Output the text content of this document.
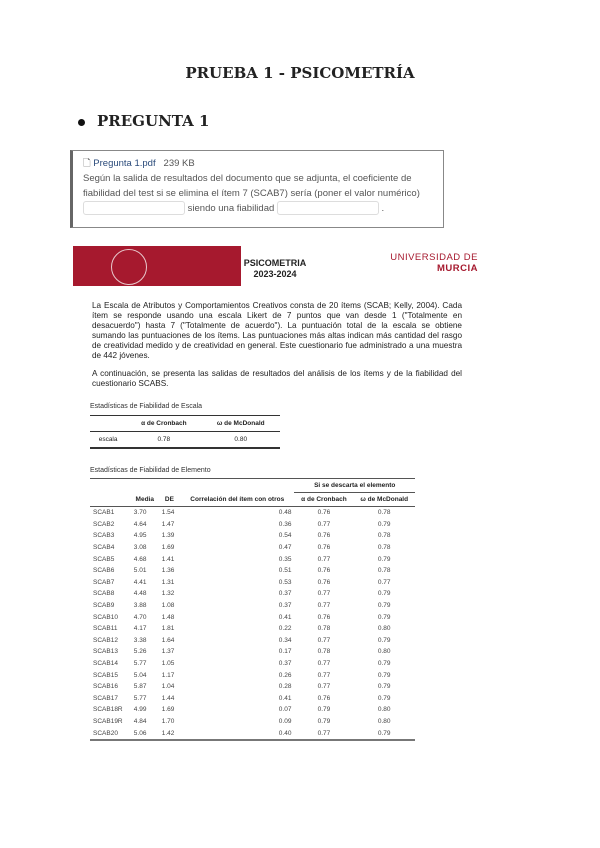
PRUEBA 1 - PSICOMETRÍA
PREGUNTA 1
🗋 Pregunta 1.pdf 239 KB
Según la salida de resultados del documento que se adjunta, el coeficiente de fiabilidad del test si se elimina el ítem 7 (SCAB7) sería (poner el valor numérico)
siendo una fiabilidad	.
PSICOMETRIA
2023-2024
UNIVERSIDAD DE
MURCIA
La Escala de Atributos y Comportamientos Creativos consta de 20 ítems (SCAB; Kelly, 2004). Cada ítem se responde usando una escala Likert de 7 puntos que van desde 1 ("Totalmente en desacuerdo") hasta 7 ("Totalmente de acuerdo"). La puntuación total de la escala se obtiene sumando las puntuaciones de los ítems. Las puntuaciones más altas indican más cantidad del rasgo de creatividad medido y de creatividad en general. Este cuestionario fue administrado a una muestra de 442 jóvenes.
A continuación, se presenta las salidas de resultados del análisis de los ítems y de la fiabilidad del cuestionario SCABS.
Estadísticas de Fiabilidad de Escala
	α de Cronbach	ω de McDonald
escala	0.78	0.80
Estadísticas de Fiabilidad de Elemento
				Si se descarta el elemento	
	Media	DE	Correlación del ítem con otros	α de Cronbach	ω de McDonald
SCAB1	3.70	1.54	0.48	0.76	0.78
SCAB2	4.64	1.47	0.36	0.77	0.79
SCAB3	4.95	1.39	0.54	0.76	0.78
SCAB4	3.08	1.69	0.47	0.76	0.78
SCAB5	4.68	1.41	0.35	0.77	0.79
SCAB6	5.01	1.36	0.51	0.76	0.78
SCAB7	4.41	1.31	0.53	0.76	0.77
SCAB8	4.48	1.32	0.37	0.77	0.79
SCAB9	3.88	1.08	0.37	0.77	0.79
SCAB10	4.70	1.48	0.41	0.76	0.79
SCAB11	4.17	1.81	0.22	0.78	0.80
SCAB12	3.38	1.64	0.34	0.77	0.79
SCAB13	5.26	1.37	0.17	0.78	0.80
SCAB14	5.77	1.05	0.37	0.77	0.79
SCAB15	5.04	1.17	0.26	0.77	0.79
SCAB16	5.87	1.04	0.28	0.77	0.79
SCAB17	5.77	1.44	0.41	0.76	0.79
SCAB18R	4.99	1.69	0.07	0.79	0.80
SCAB19R	4.84	1.70	0.09	0.79	0.80
SCAB20	5.06	1.42	0.40	0.77	0.79
